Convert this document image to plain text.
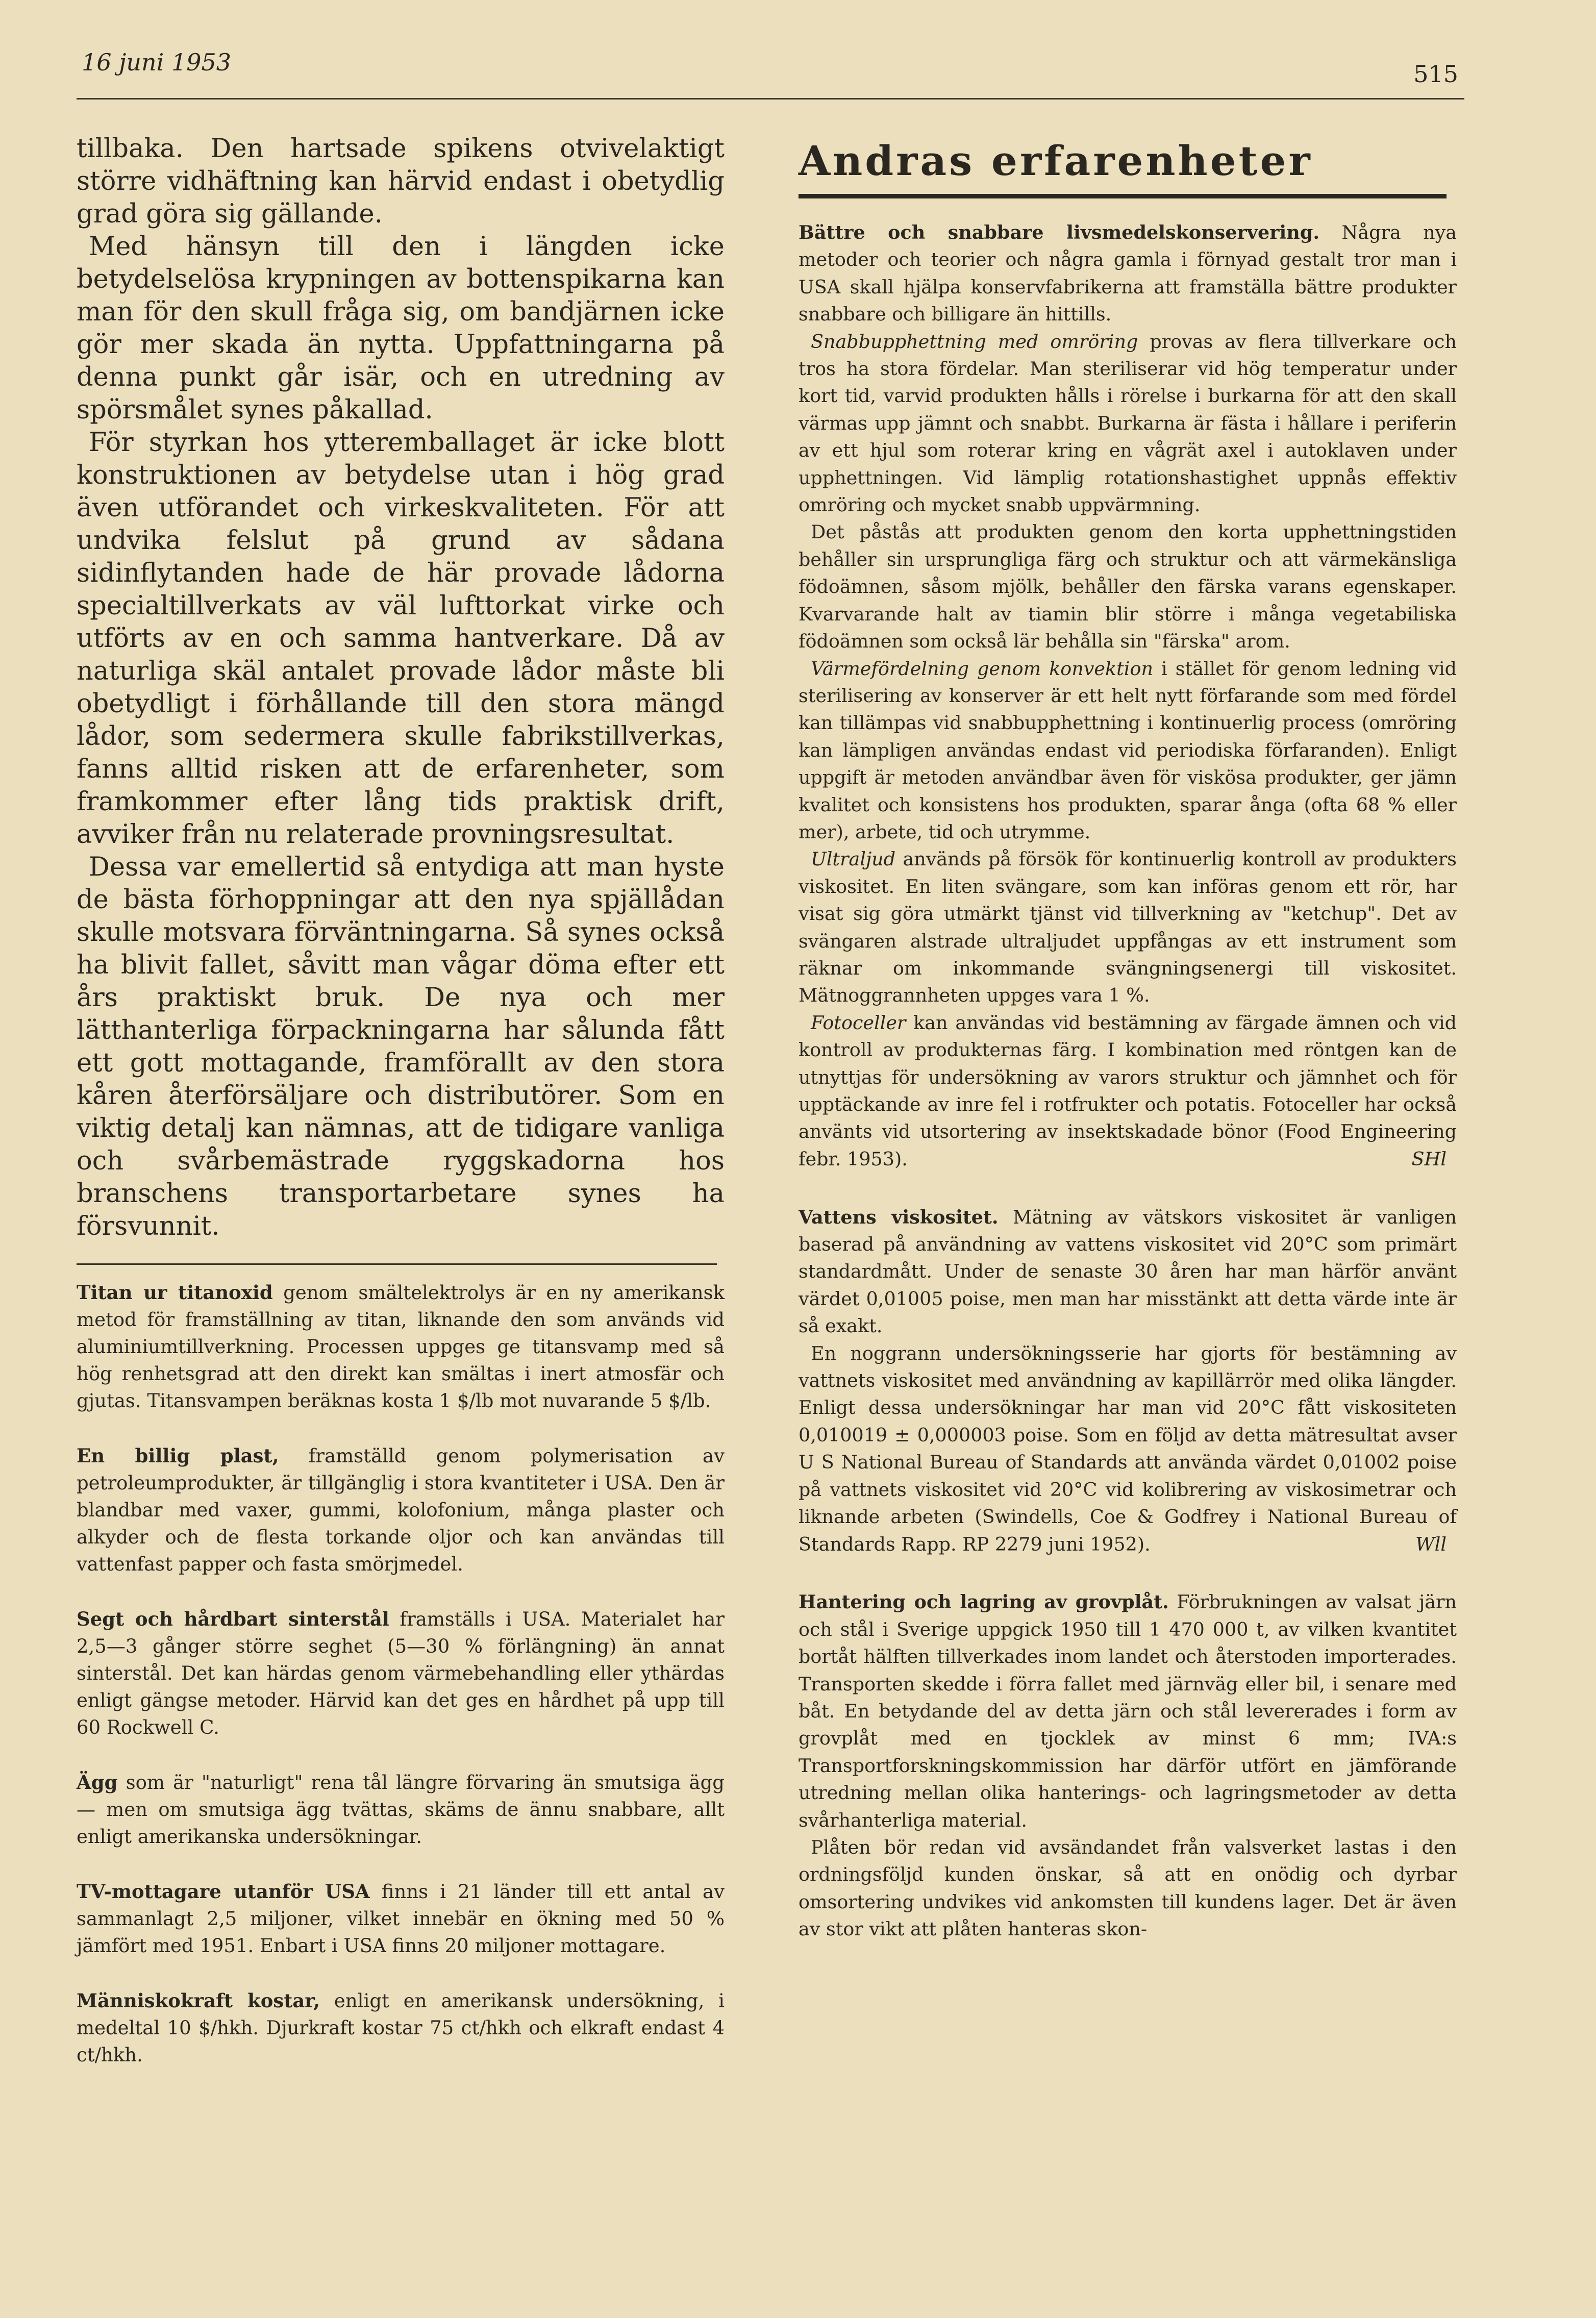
16 juni 1953	515

tillbaka. Den hartsade spikens otvivelaktigt större vidhäftning kan härvid endast i obetydlig grad göra sig gällande.

Med hänsyn till den i längden icke betydelselösa krypningen av bottenspikarna kan man för den skull fråga sig, om bandjärnen icke gör mer skada än nytta. Uppfattningarna på denna punkt går isär, och en utredning av spörsmålet synes påkallad.

För styrkan hos ytteremballaget är icke blott konstruktionen av betydelse utan i hög grad även utförandet och virkeskvaliteten. För att undvika felslut på grund av sådana sidinflytanden hade de här provade lådorna specialtillverkats av väl lufttorkat virke och utförts av en och samma hantverkare. Då av naturliga skäl antalet provade lådor måste bli obetydligt i förhållande till den stora mängd lådor, som sedermera skulle fabrikstillverkas, fanns alltid risken att de erfarenheter, som framkommer efter lång tids praktisk drift, avviker från nu relaterade provningsresultat.

Dessa var emellertid så entydiga att man hyste de bästa förhoppningar att den nya spjällådan skulle motsvara förväntningarna. Så synes också ha blivit fallet, såvitt man vågar döma efter ett års praktiskt bruk. De nya och mer lätthanterliga förpackningarna har sålunda fått ett gott mottagande, framförallt av den stora kåren återförsäljare och distributörer. Som en viktig detalj kan nämnas, att de tidigare vanliga och svårbemästrade ryggskadorna hos branschens transportarbetare synes ha försvunnit.

Titan ur titanoxid genom smältelektrolys är en ny amerikansk metod för framställning av titan, liknande den som används vid aluminiumtillverkning. Processen uppges ge titansvamp med så hög renhetsgrad att den direkt kan smältas i inert atmosfär och gjutas. Titansvampen beräknas kosta 1 $/lb mot nuvarande 5 $/lb.

En billig plast, framställd genom polymerisation av petroleumprodukter, är tillgänglig i stora kvantiteter i USA. Den är blandbar med vaxer, gummi, kolofonium, många plaster och alkyder och de flesta torkande oljor och kan användas till vattenfast papper och fasta smörjmedel.

Segt och hårdbart sinterstål framställs i USA. Materialet har 2,5—3 gånger större seghet (5—30 % förlängning) än annat sinterstål. Det kan härdas genom värmebehandling eller ythärdas enligt gängse metoder. Härvid kan det ges en hårdhet på upp till 60 Rockwell C.

Ägg som är "naturligt" rena tål längre förvaring än smutsiga ägg — men om smutsiga ägg tvättas, skäms de ännu snabbare, allt enligt amerikanska undersökningar.

TV-mottagare utanför USA finns i 21 länder till ett antal av sammanlagt 2,5 miljoner, vilket innebär en ökning med 50 % jämfört med 1951. Enbart i USA finns 20 miljoner mottagare.

Människokraft kostar, enligt en amerikansk undersökning, i medeltal 10 $/hkh. Djurkraft kostar 75 ct/hkh och elkraft endast 4 ct/hkh.

Andras erfarenheter

Bättre och snabbare livsmedelskonservering. Några nya metoder och teorier och några gamla i förnyad gestalt tror man i USA skall hjälpa konservfabrikerna att framställa bättre produkter snabbare och billigare än hittills.

Snabbupphettning med omröring provas av flera tillverkare och tros ha stora fördelar. Man steriliserar vid hög temperatur under kort tid, varvid produkten hålls i rörelse i burkarna för att den skall värmas upp jämnt och snabbt. Burkarna är fästa i hållare i periferin av ett hjul som roterar kring en vågrät axel i autoklaven under upphettningen. Vid lämplig rotationshastighet uppnås effektiv omröring och mycket snabb uppvärmning.

Det påstås att produkten genom den korta upphettningstiden behåller sin ursprungliga färg och struktur och att värmekänsliga födoämnen, såsom mjölk, behåller den färska varans egenskaper. Kvarvarande halt av tiamin blir större i många vegetabiliska födoämnen som också lär behålla sin "färska" arom.

Värmefördelning genom konvektion i stället för genom ledning vid sterilisering av konserver är ett helt nytt förfarande som med fördel kan tillämpas vid snabbupphettning i kontinuerlig process (omröring kan lämpligen användas endast vid periodiska förfaranden). Enligt uppgift är metoden användbar även för viskösa produkter, ger jämn kvalitet och konsistens hos produkten, sparar ånga (ofta 68 % eller mer), arbete, tid och utrymme.

Ultraljud används på försök för kontinuerlig kontroll av produkters viskositet. En liten svängare, som kan införas genom ett rör, har visat sig göra utmärkt tjänst vid tillverkning av "ketchup". Det av svängaren alstrade ultraljudet uppfångas av ett instrument som räknar om inkommande svängningsenergi till viskositet. Mätnoggrannheten uppges vara 1 %.

Fotoceller kan användas vid bestämning av färgade ämnen och vid kontroll av produkternas färg. I kombination med röntgen kan de utnyttjas för undersökning av varors struktur och jämnhet och för upptäckande av inre fel i rotfrukter och potatis. Fotoceller har också använts vid utsortering av insektskadade bönor (Food Engineering febr. 1953).	SHl

Vattens viskositet. Mätning av vätskors viskositet är vanligen baserad på användning av vattens viskositet vid 20°C som primärt standardmått. Under de senaste 30 åren har man härför använt värdet 0,01005 poise, men man har misstänkt att detta värde inte är så exakt.

En noggrann undersökningsserie har gjorts för bestämning av vattnets viskositet med användning av kapillärrör med olika längder. Enligt dessa undersökningar har man vid 20°C fått viskositeten 0,010019 ± 0,000003 poise. Som en följd av detta mätresultat avser U S National Bureau of Standards att använda värdet 0,01002 poise på vattnets viskositet vid 20°C vid kolibrering av viskosimetrar och liknande arbeten (Swindells, Coe & Godfrey i National Bureau of Standards Rapp. RP 2279 juni 1952).	Wll

Hantering och lagring av grovplåt. Förbrukningen av valsat järn och stål i Sverige uppgick 1950 till 1 470 000 t, av vilken kvantitet bortåt hälften tillverkades inom landet och återstoden importerades. Transporten skedde i förra fallet med järnväg eller bil, i senare med båt. En betydande del av detta järn och stål levererades i form av grovplåt med en tjocklek av minst 6 mm; IVA:s Transportforskningskommission har därför utfört en jämförande utredning mellan olika hanterings- och lagringsmetoder av detta svårhanterliga material.

Plåten bör redan vid avsändandet från valsverket lastas i den ordningsföljd kunden önskar, så att en onödig och dyrbar omsortering undvikes vid ankomsten till kundens lager. Det är även av stor vikt att plåten hanteras skon-
